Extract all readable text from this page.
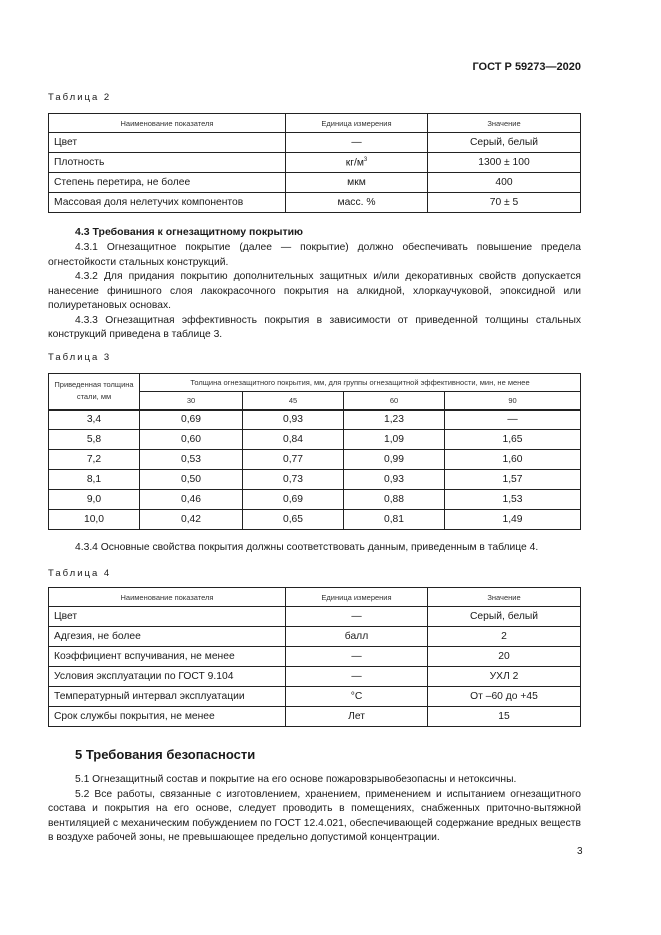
ГОСТ Р 59273—2020
Таблица 2
Наименование показателя	Единица измерения	Значение
Цвет	—	Серый, белый
Плотность	$кг/м^3$	1300 ± 100
Степень перетира, не более	мкм	400
Массовая доля нелетучих компонентов	масс. %	70 ± 5
4.3 Требования к огнезащитному покрытию
4.3.1 Огнезащитное покрытие (далее — покрытие) должно обеспечивать повышение предела огнестойкости стальных конструкций.
4.3.2 Для придания покрытию дополнительных защитных и/или декоративных свойств допускается нанесение финишного слоя лакокрасочного покрытия на алкидной, хлоркаучуковой, эпоксидной или полиуретановых основах.
4.3.3 Огнезащитная эффективность покрытия в зависимости от приведенной толщины стальных конструкций приведена в таблице 3.
Таблица 3
Приведенная толщина стали, мм	Толщина огнезащитного покрытия, мм, для группы огнезащитной эффективности, мин, не менее			
	30	45	60	90
3,4	0,69	0,93	1,23	—
5,8	0,60	0,84	1,09	1,65
7,2	0,53	0,77	0,99	1,60
8,1	0,50	0,73	0,93	1,57
9,0	0,46	0,69	0,88	1,53
10,0	0,42	0,65	0,81	1,49
4.3.4 Основные свойства покрытия должны соответствовать данным, приведенным в таблице 4.
Таблица 4
Наименование показателя	Единица измерения	Значение
Цвет	—	Серый, белый
Адгезия, не более	балл	2
Коэффициент вспучивания, не менее	—	20
Условия эксплуатации по ГОСТ 9.104	—	УХЛ 2
Температурный интервал эксплуатации	°С	От –60 до +45
Срок службы покрытия, не менее	Лет	15
5 Требования безопасности
5.1 Огнезащитный состав и покрытие на его основе пожаровзрывобезопасны и нетоксичны.
5.2 Все работы, связанные с изготовлением, хранением, применением и испытанием огнезащитного состава и покрытия на его основе, следует проводить в помещениях, снабженных приточно-вытяжной вентиляцией с механическим побуждением по ГОСТ 12.4.021, обеспечивающей содержание вредных веществ в воздухе рабочей зоны, не превышающее предельно допустимой концентрации.
3
